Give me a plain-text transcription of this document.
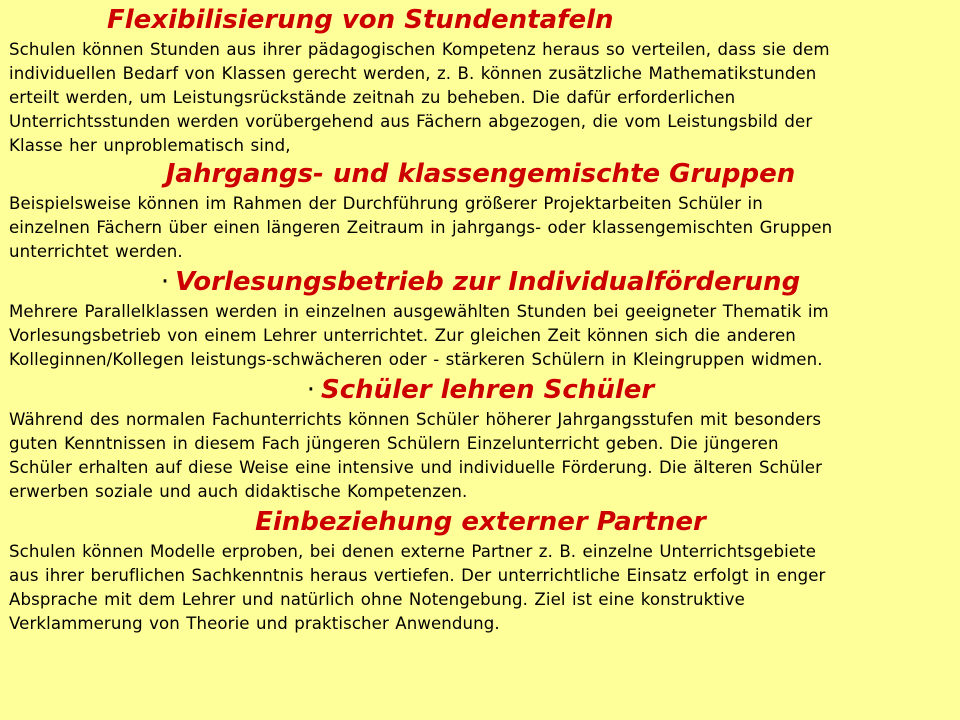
Flexibilisierung von Stundentafeln
Schulen können Stunden aus ihrer pädagogischen Kompetenz heraus so verteilen, dass sie dem
individuellen Bedarf von Klassen gerecht werden, z. B. können zusätzliche Mathematikstunden
erteilt werden, um Leistungsrückstände zeitnah zu beheben. Die dafür erforderlichen
Unterrichtsstunden werden vorübergehend aus Fächern abgezogen, die vom Leistungsbild der
Klasse her unproblematisch sind,
Jahrgangs- und klassengemischte Gruppen
Beispielsweise können im Rahmen der Durchführung größerer Projektarbeiten Schüler in
einzelnen Fächern über einen längeren Zeitraum in jahrgangs- oder klassengemischten Gruppen
unterrichtet werden.
· Vorlesungsbetrieb zur Individualförderung
Mehrere Parallelklassen werden in einzelnen ausgewählten Stunden bei geeigneter Thematik im
Vorlesungsbetrieb von einem Lehrer unterrichtet. Zur gleichen Zeit können sich die anderen
Kolleginnen/Kollegen leistungs-schwächeren oder - stärkeren Schülern in Kleingruppen widmen.
· Schüler lehren Schüler
Während des normalen Fachunterrichts können Schüler höherer Jahrgangsstufen mit besonders
guten Kenntnissen in diesem Fach jüngeren Schülern Einzelunterricht geben. Die jüngeren
Schüler erhalten auf diese Weise eine intensive und individuelle Förderung. Die älteren Schüler
erwerben soziale und auch didaktische Kompetenzen.
Einbeziehung externer Partner
Schulen können Modelle erproben, bei denen externe Partner z. B. einzelne Unterrichtsgebiete
aus ihrer beruflichen Sachkenntnis heraus vertiefen. Der unterrichtliche Einsatz erfolgt in enger
Absprache mit dem Lehrer und natürlich ohne Notengebung. Ziel ist eine konstruktive
Verklammerung von Theorie und praktischer Anwendung.
